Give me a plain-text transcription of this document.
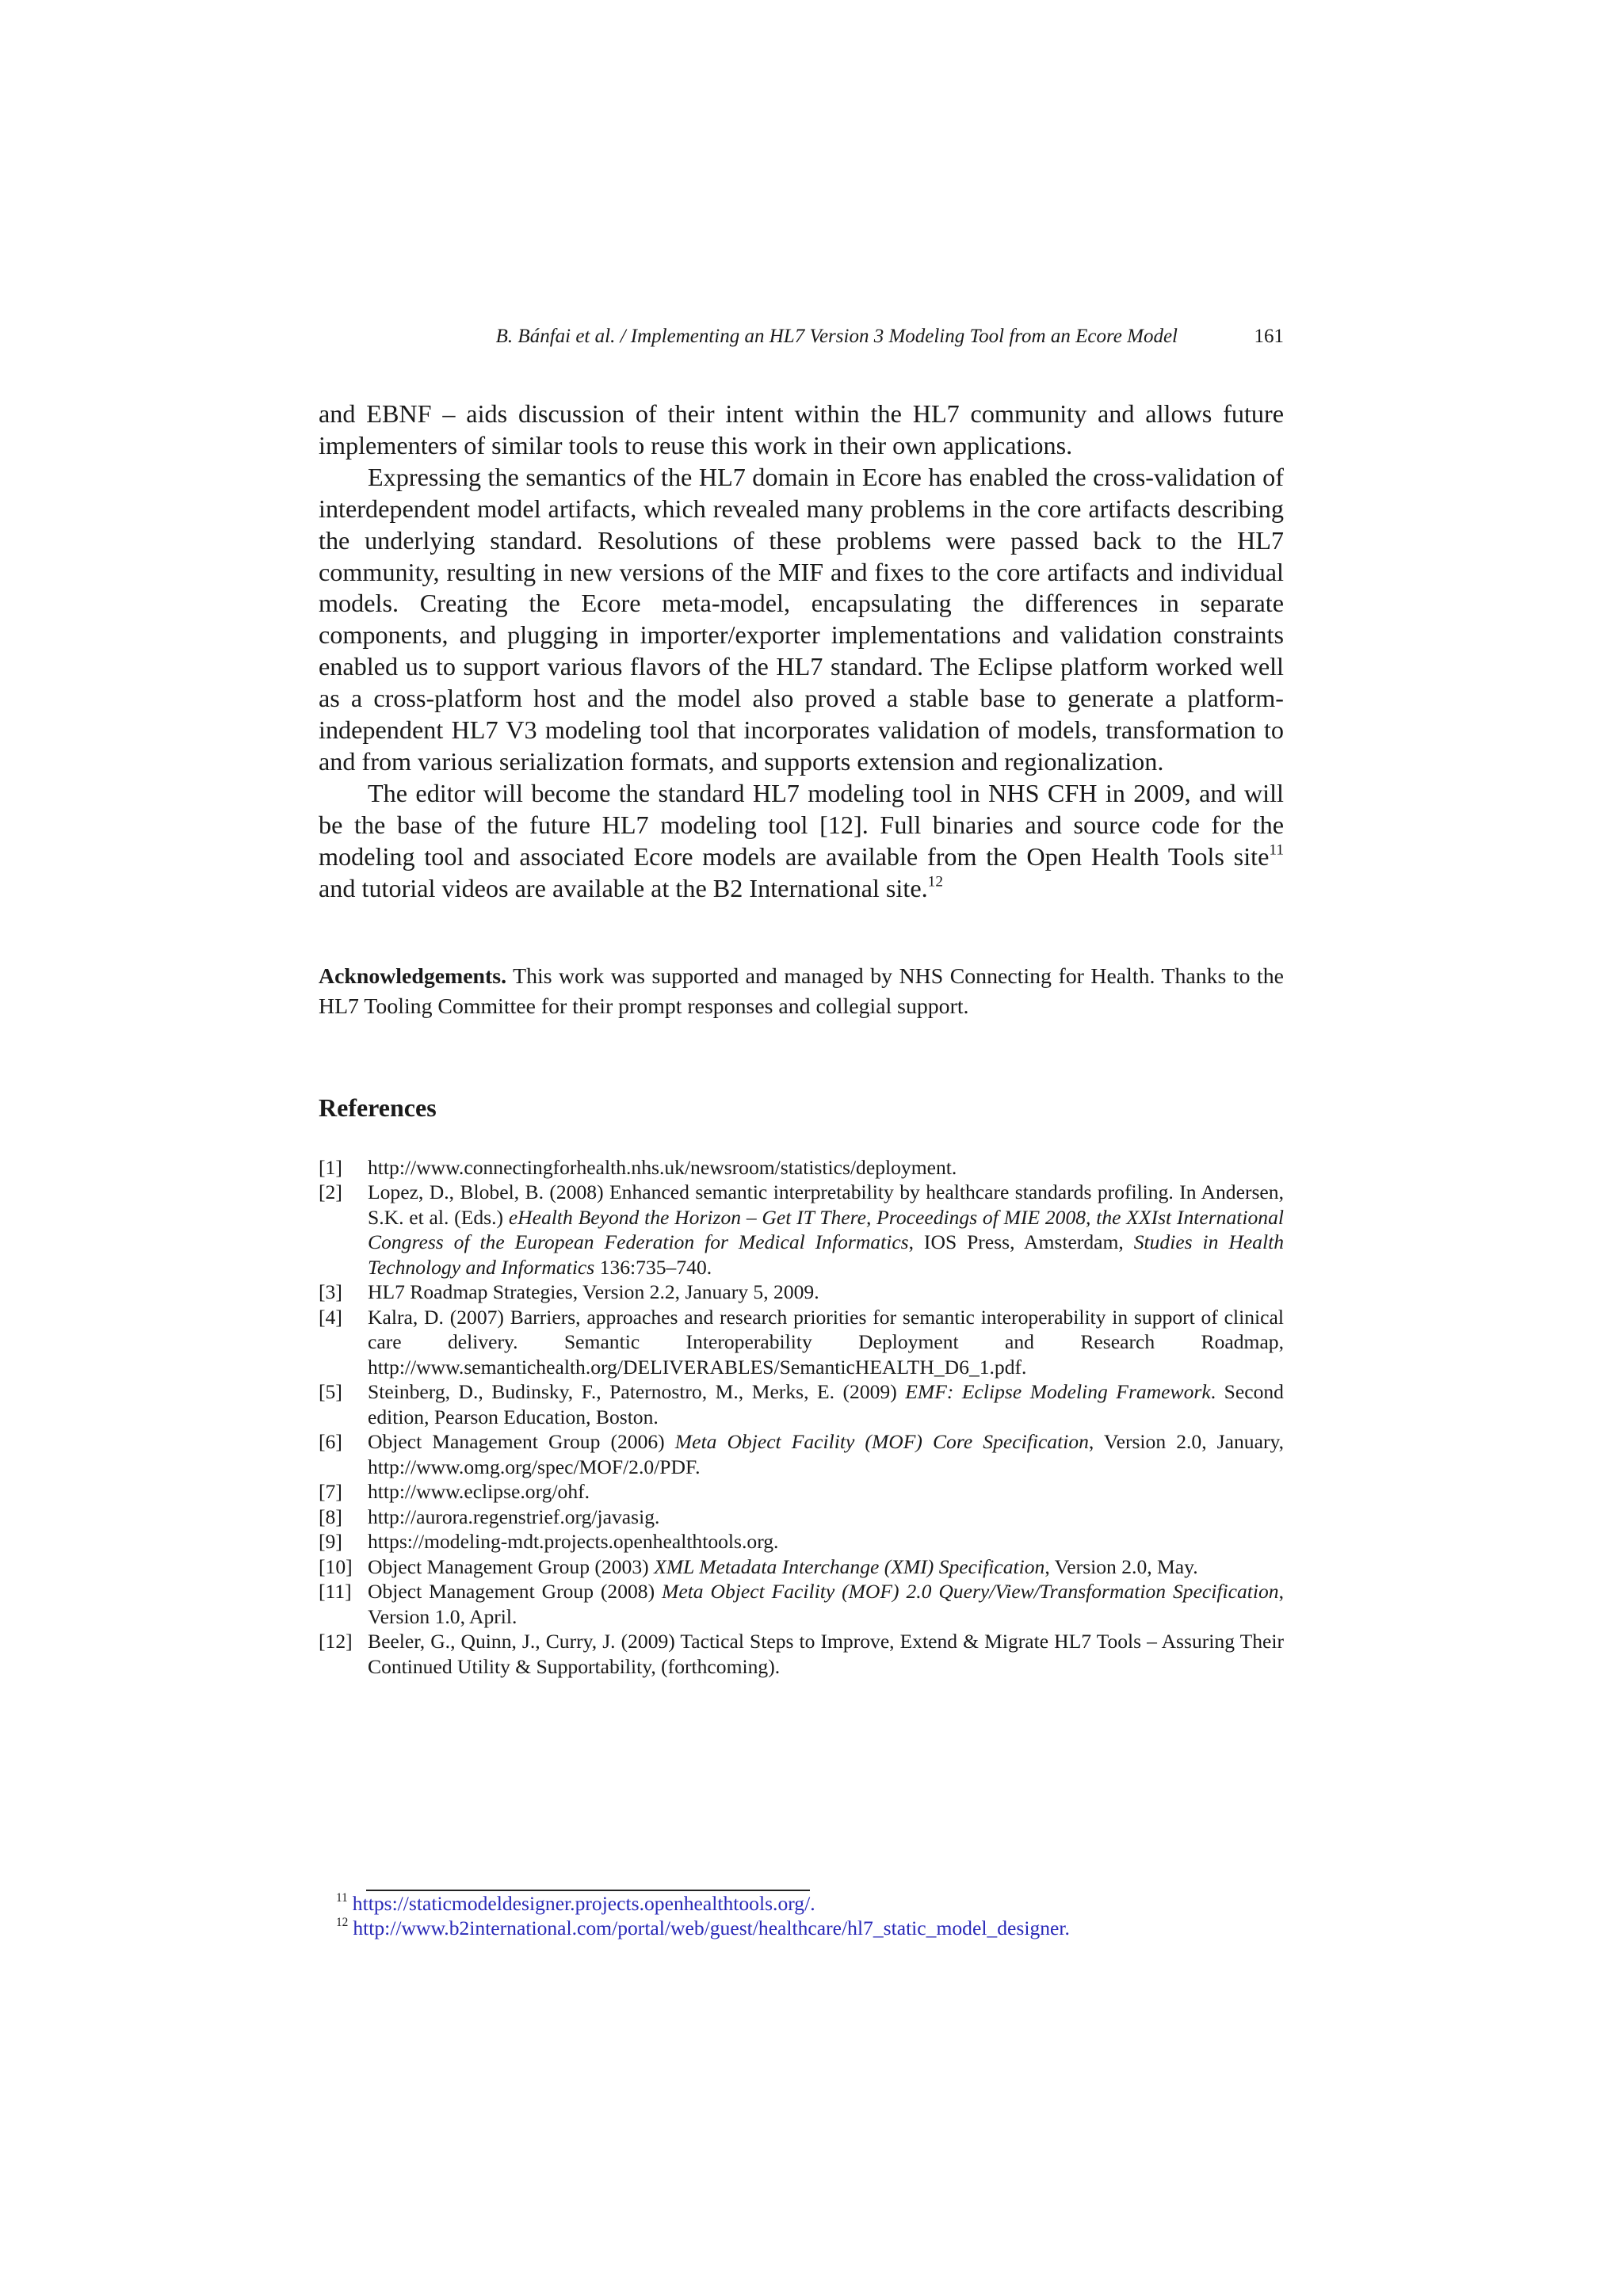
B. Bánfai et al. / Implementing an HL7 Version 3 Modeling Tool from an Ecore Model	161

and EBNF – aids discussion of their intent within the HL7 community and allows future implementers of similar tools to reuse this work in their own applications.

Expressing the semantics of the HL7 domain in Ecore has enabled the cross-validation of interdependent model artifacts, which revealed many problems in the core artifacts describing the underlying standard. Resolutions of these problems were passed back to the HL7 community, resulting in new versions of the MIF and fixes to the core artifacts and individual models. Creating the Ecore meta-model, encapsulating the differences in separate components, and plugging in importer/exporter implementations and validation constraints enabled us to support various flavors of the HL7 standard. The Eclipse platform worked well as a cross-platform host and the model also proved a stable base to generate a platform-independent HL7 V3 modeling tool that incorporates validation of models, transformation to and from various serialization formats, and supports extension and regionalization.

The editor will become the standard HL7 modeling tool in NHS CFH in 2009, and will be the base of the future HL7 modeling tool [12]. Full binaries and source code for the modeling tool and associated Ecore models are available from the Open Health Tools site$^{11}$ and tutorial videos are available at the B2 International site.$^{12}$

Acknowledgements. This work was supported and managed by NHS Connecting for Health. Thanks to the HL7 Tooling Committee for their prompt responses and collegial support.
References
[1] http://www.connectingforhealth.nhs.uk/newsroom/statistics/deployment.
[2] Lopez, D., Blobel, B. (2008) Enhanced semantic interpretability by healthcare standards profiling. In Andersen, S.K. et al. (Eds.) eHealth Beyond the Horizon – Get IT There, Proceedings of MIE 2008, the XXIst International Congress of the European Federation for Medical Informatics, IOS Press, Amsterdam, Studies in Health Technology and Informatics 136:735–740.
[3] HL7 Roadmap Strategies, Version 2.2, January 5, 2009.
[4] Kalra, D. (2007) Barriers, approaches and research priorities for semantic interoperability in support of clinical care delivery. Semantic Interoperability Deployment and Research Roadmap, http://www.semantichealth.org/DELIVERABLES/SemanticHEALTH_D6_1.pdf.
[5] Steinberg, D., Budinsky, F., Paternostro, M., Merks, E. (2009) EMF: Eclipse Modeling Framework. Second edition, Pearson Education, Boston.
[6] Object Management Group (2006) Meta Object Facility (MOF) Core Specification, Version 2.0, January, http://www.omg.org/spec/MOF/2.0/PDF.
[7] http://www.eclipse.org/ohf.
[8] http://aurora.regenstrief.org/javasig.
[9] https://modeling-mdt.projects.openhealthtools.org.
[10] Object Management Group (2003) XML Metadata Interchange (XMI) Specification, Version 2.0, May.
[11] Object Management Group (2008) Meta Object Facility (MOF) 2.0 Query/View/Transformation Specification, Version 1.0, April.
[12] Beeler, G., Quinn, J., Curry, J. (2009) Tactical Steps to Improve, Extend & Migrate HL7 Tools – Assuring Their Continued Utility & Supportability, (forthcoming).
$^{11}$ https://staticmodeldesigner.projects.openhealthtools.org/.
$^{12}$ http://www.b2international.com/portal/web/guest/healthcare/hl7_static_model_designer.
